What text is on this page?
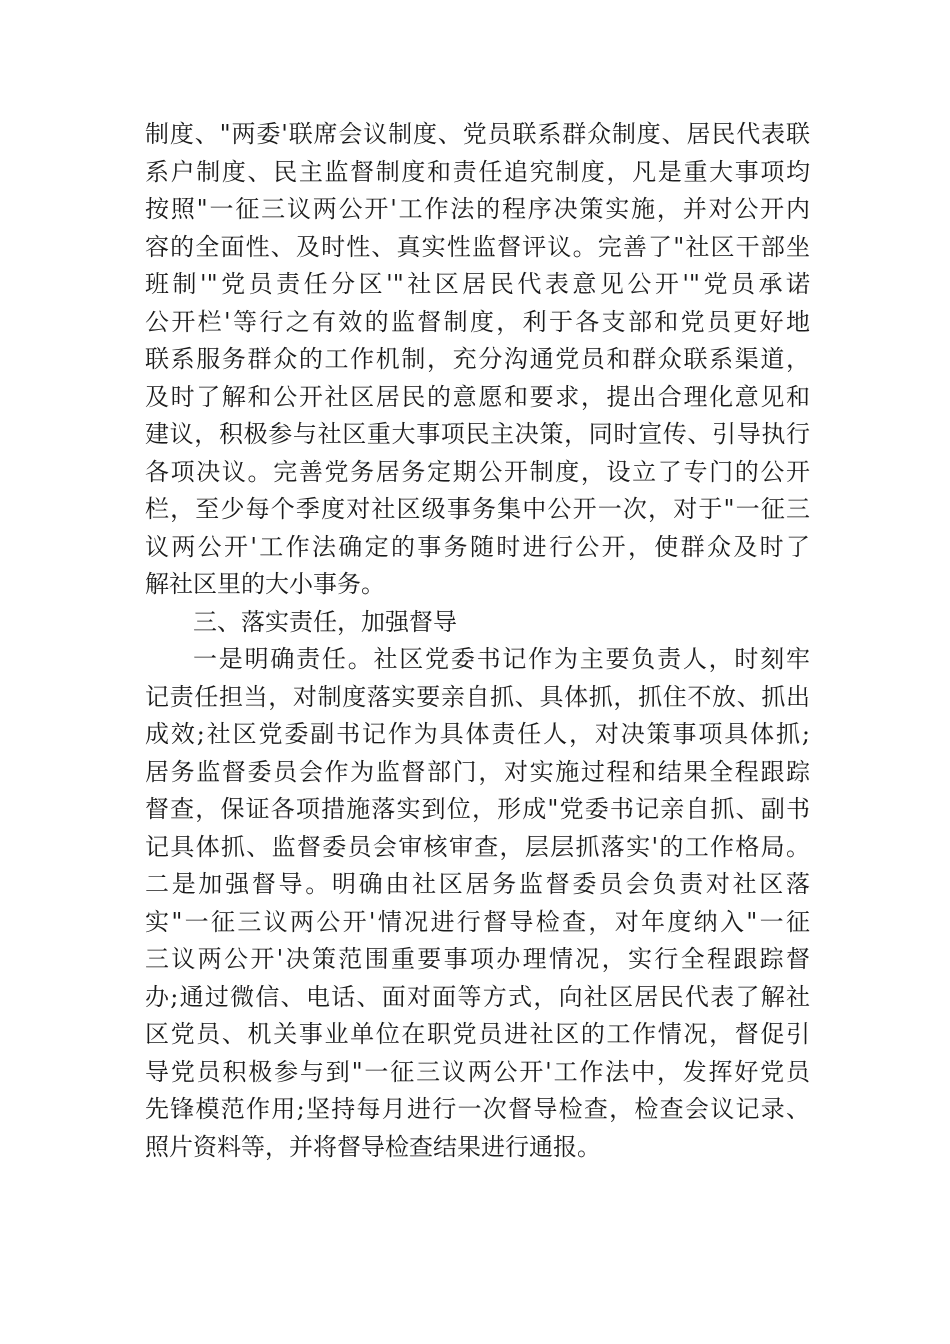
制度、"两委'联席会议制度、党员联系群众制度、居民代表联
系户制度、民主监督制度和责任追究制度，凡是重大事项均
按照"一征三议两公开'工作法的程序决策实施，并对公开内
容的全面性、及时性、真实性监督评议。完善了"社区干部坐
班制'"党员责任分区'"社区居民代表意见公开'"党员承诺
公开栏'等行之有效的监督制度，利于各支部和党员更好地
联系服务群众的工作机制，充分沟通党员和群众联系渠道，
及时了解和公开社区居民的意愿和要求，提出合理化意见和
建议，积极参与社区重大事项民主决策，同时宣传、引导执行
各项决议。完善党务居务定期公开制度，设立了专门的公开
栏，至少每个季度对社区级事务集中公开一次，对于"一征三
议两公开'工作法确定的事务随时进行公开，使群众及时了
解社区里的大小事务。
三、落实责任，加强督导
一是明确责任。社区党委书记作为主要负责人，时刻牢
记责任担当，对制度落实要亲自抓、具体抓，抓住不放、抓出
成效;社区党委副书记作为具体责任人，对决策事项具体抓;
居务监督委员会作为监督部门，对实施过程和结果全程跟踪
督查，保证各项措施落实到位，形成"党委书记亲自抓、副书
记具体抓、监督委员会审核审查，层层抓落实'的工作格局。
二是加强督导。明确由社区居务监督委员会负责对社区落
实"一征三议两公开'情况进行督导检查，对年度纳入"一征
三议两公开'决策范围重要事项办理情况，实行全程跟踪督
办;通过微信、电话、面对面等方式，向社区居民代表了解社
区党员、机关事业单位在职党员进社区的工作情况，督促引
导党员积极参与到"一征三议两公开'工作法中，发挥好党员
先锋模范作用;坚持每月进行一次督导检查，检查会议记录、
照片资料等，并将督导检查结果进行通报。
